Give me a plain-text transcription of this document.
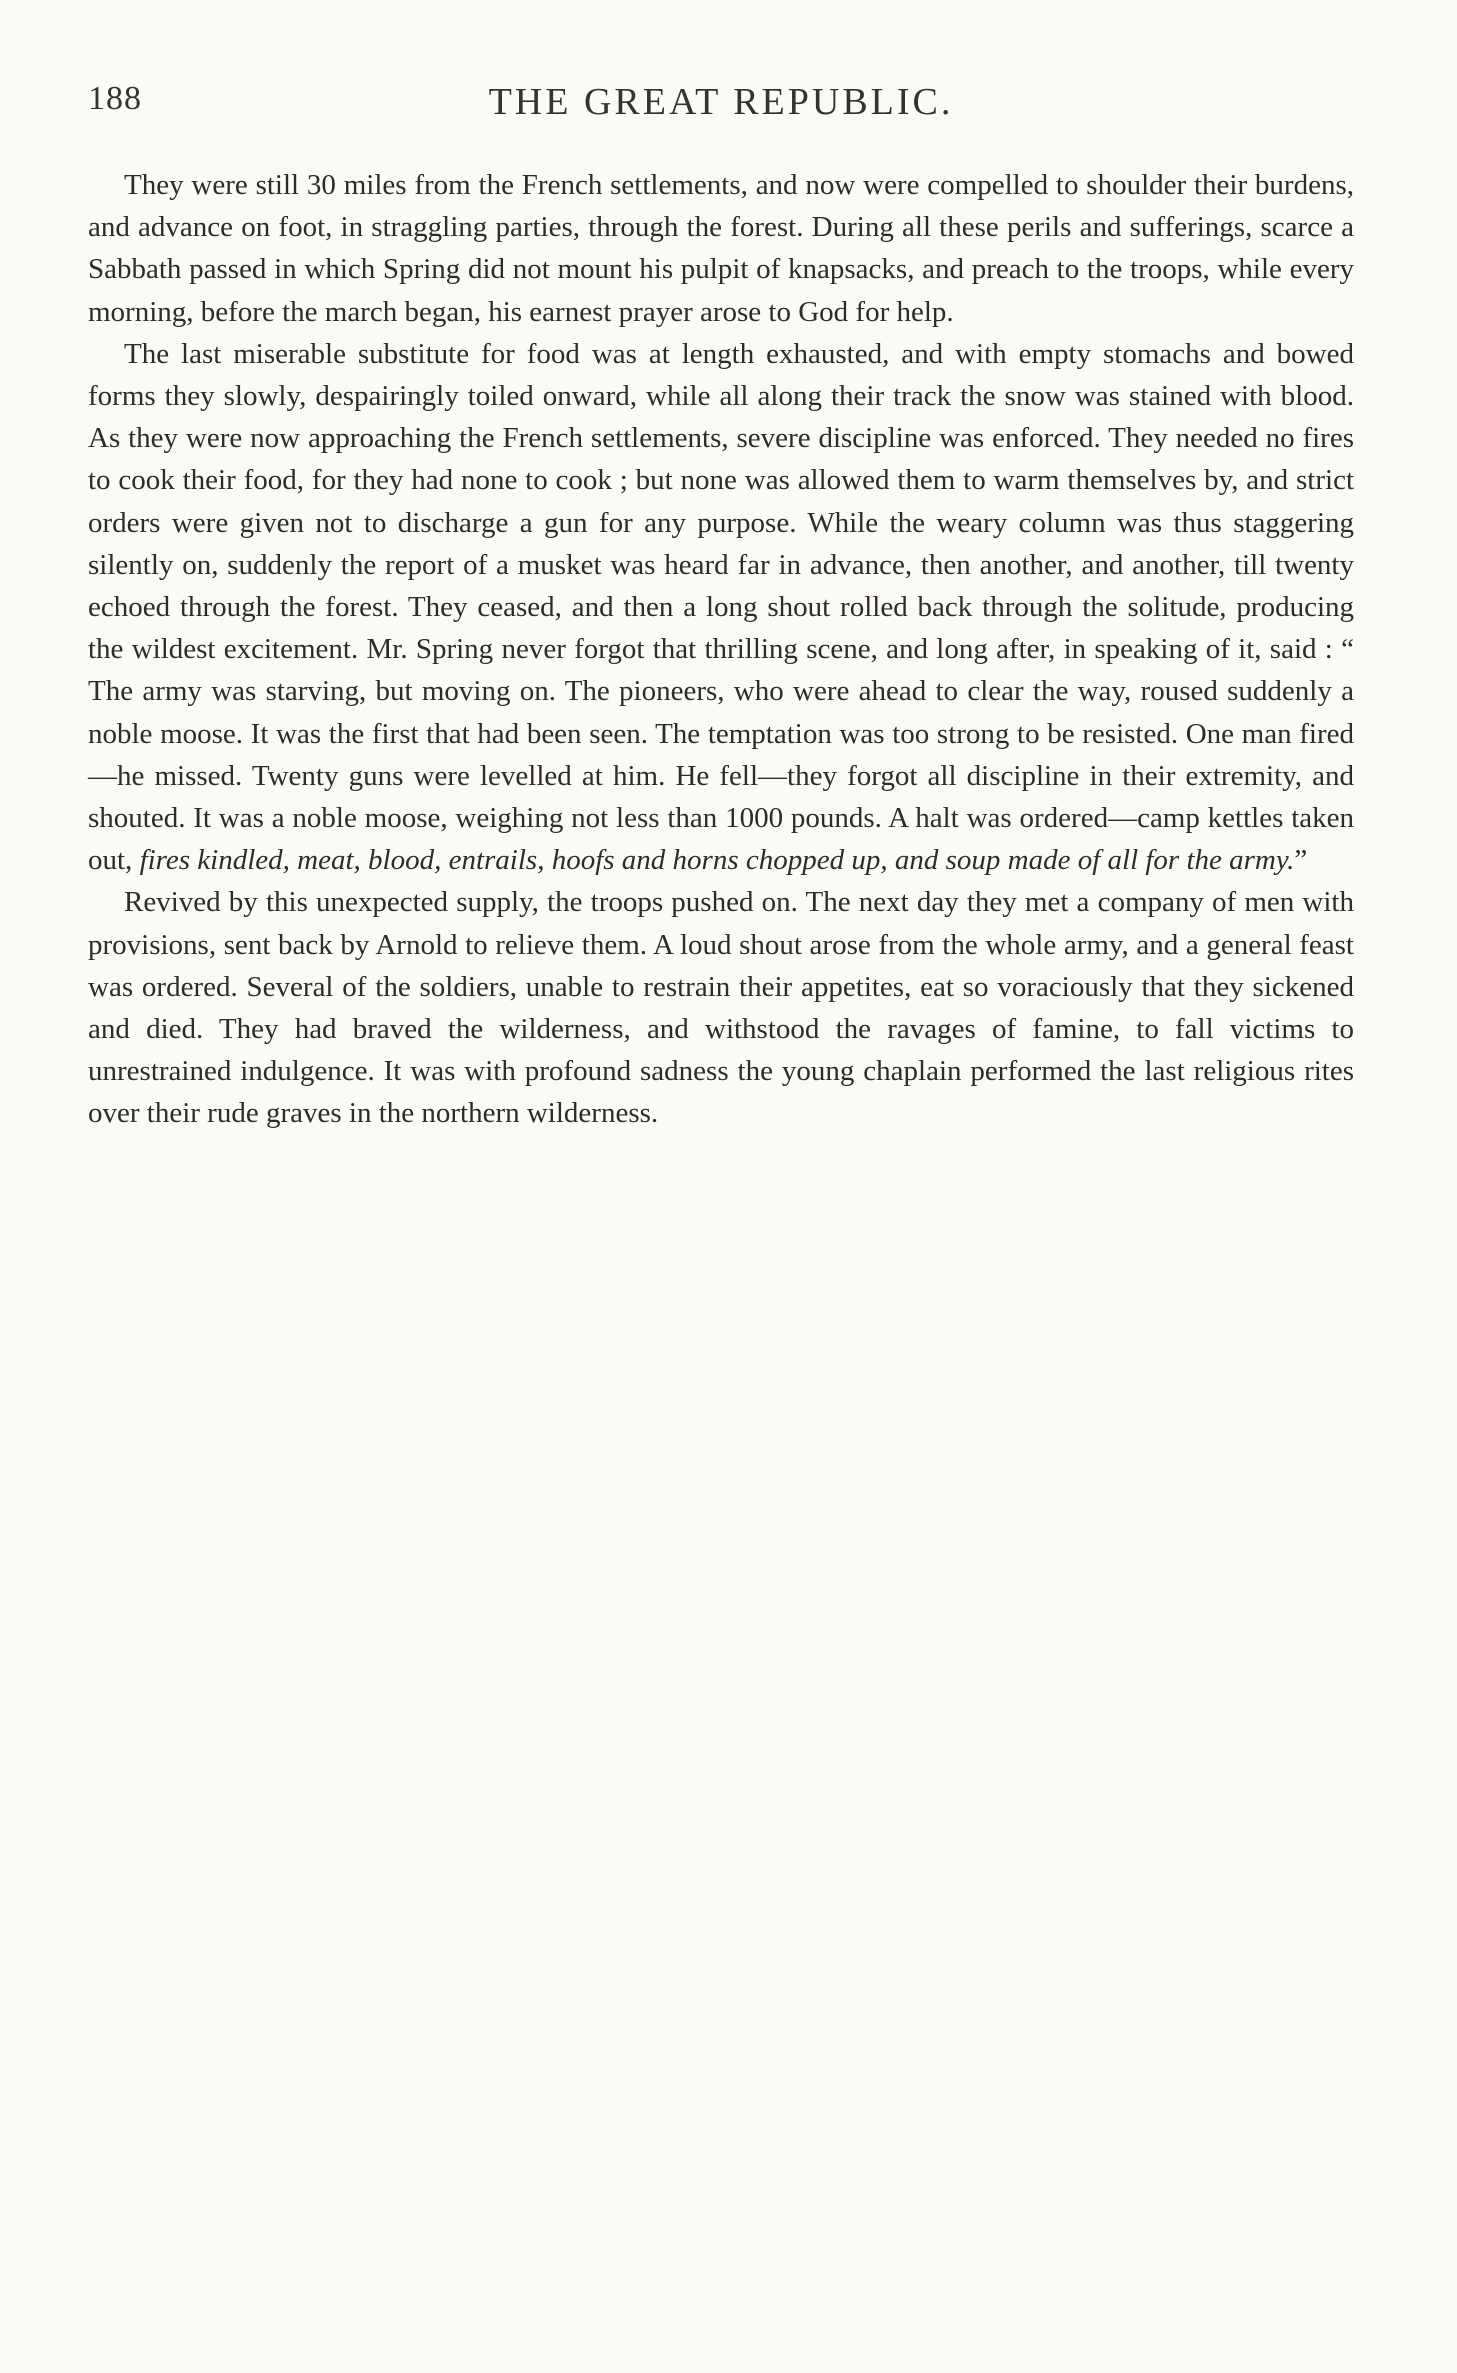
188	THE GREAT REPUBLIC.

They were still 30 miles from the French settlements, and now were compelled to shoulder their burdens, and advance on foot, in straggling parties, through the forest. During all these perils and sufferings, scarce a Sabbath passed in which Spring did not mount his pulpit of knapsacks, and preach to the troops, while every morning, before the march began, his earnest prayer arose to God for help.

The last miserable substitute for food was at length exhausted, and with empty stomachs and bowed forms they slowly, despairingly toiled onward, while all along their track the snow was stained with blood. As they were now approaching the French settlements, severe discipline was enforced. They needed no fires to cook their food, for they had none to cook ; but none was allowed them to warm themselves by, and strict orders were given not to discharge a gun for any purpose. While the weary column was thus staggering silently on, suddenly the report of a musket was heard far in advance, then another, and another, till twenty echoed through the forest. They ceased, and then a long shout rolled back through the solitude, producing the wildest excitement. Mr. Spring never forgot that thrilling scene, and long after, in speaking of it, said : “ The army was starving, but moving on. The pioneers, who were ahead to clear the way, roused suddenly a noble moose. It was the first that had been seen. The temptation was too strong to be resisted. One man fired—he missed. Twenty guns were levelled at him. He fell—they forgot all discipline in their extremity, and shouted. It was a noble moose, weighing not less than 1000 pounds. A halt was ordered—camp kettles taken out, fires kindled, meat, blood, entrails, hoofs and horns chopped up, and soup made of all for the army.”

Revived by this unexpected supply, the troops pushed on. The next day they met a company of men with provisions, sent back by Arnold to relieve them. A loud shout arose from the whole army, and a general feast was ordered. Several of the soldiers, unable to restrain their appetites, eat so voraciously that they sickened and died. They had braved the wilderness, and withstood the ravages of famine, to fall victims to unrestrained indulgence. It was with profound sadness the young chaplain performed the last religious rites over their rude graves in the northern wilderness.
